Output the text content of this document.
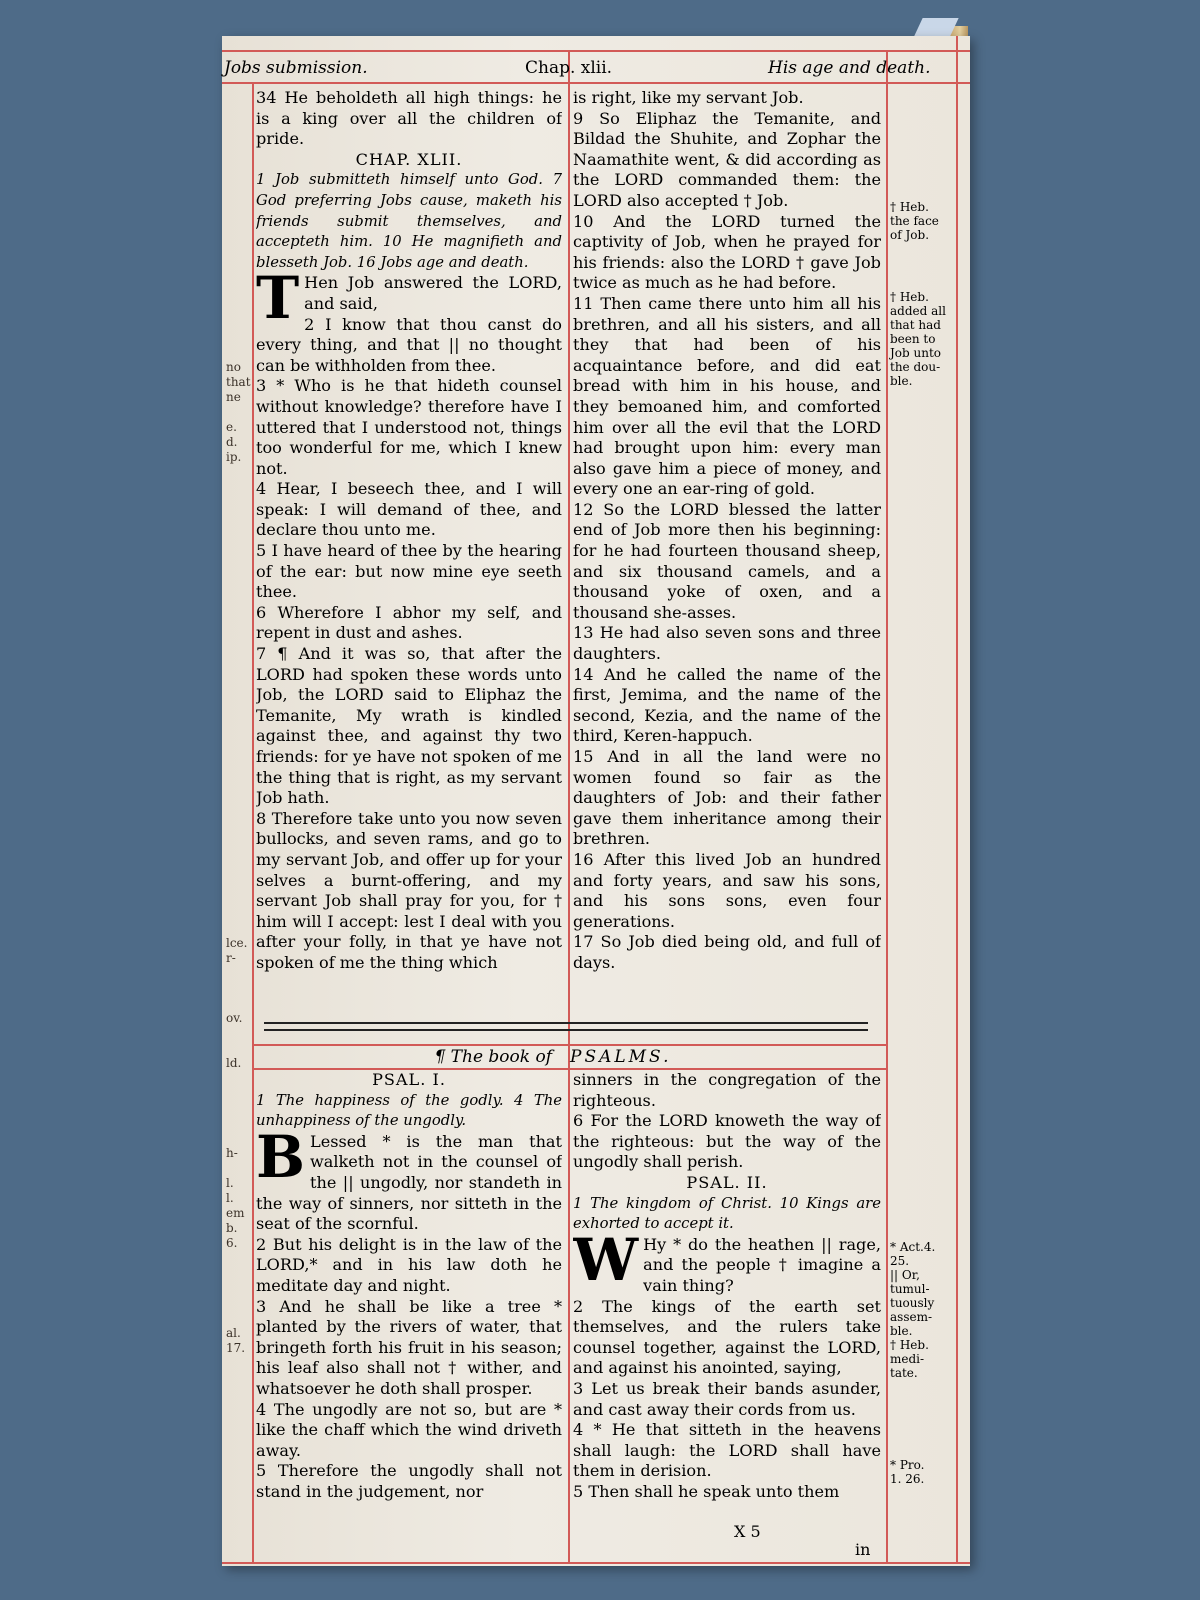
Jobs submission.	Chap. xlii.	His age and death.
34 He beholdeth all high things: he is a king over all the children of pride.
CHAP. XLII.
1 Job submitteth himself unto God. 7 God preferring Jobs cause, maketh his friends submit themselves, and accepteth him. 10 He magnifieth and blesseth Job. 16 Jobs age and death.
T Hen Job answered the LORD, and said,
2 I know that thou canst do every thing, and that || no thought can be withholden from thee.
3 * Who is he that hideth counsel without knowledge? therefore have I uttered that I understood not, things too wonderful for me, which I knew not.
4 Hear, I beseech thee, and I will speak: I will demand of thee, and declare thou unto me.
5 I have heard of thee by the hearing of the ear: but now mine eye seeth thee.
6 Wherefore I abhor my self, and repent in dust and ashes.
7 ¶ And it was so, that after the LORD had spoken these words unto Job, the LORD said to Eliphaz the Temanite, My wrath is kindled against thee, and against thy two friends: for ye have not spoken of me the thing that is right, as my servant Job hath.
8 Therefore take unto you now seven bullocks, and seven rams, and go to my servant Job, and offer up for your selves a burnt-offering, and my servant Job shall pray for you, for † him will I accept: lest I deal with you after your folly, in that ye have not spoken of me the thing which
is right, like my servant Job.
9 So Eliphaz the Temanite, and Bildad the Shuhite, and Zophar the Naamathite went, & did according as the LORD commanded them: the LORD also accepted † Job.
10 And the LORD turned the captivity of Job, when he prayed for his friends: also the LORD † gave Job twice as much as he had before.
11 Then came there unto him all his brethren, and all his sisters, and all they that had been of his acquaintance before, and did eat bread with him in his house, and they bemoaned him, and comforted him over all the evil that the LORD had brought upon him: every man also gave him a piece of money, and every one an ear-ring of gold.
12 So the LORD blessed the latter end of Job more then his beginning: for he had fourteen thousand sheep, and six thousand camels, and a thousand yoke of oxen, and a thousand she-asses.
13 He had also seven sons and three daughters.
14 And he called the name of the first, Jemima, and the name of the second, Kezia, and the name of the third, Keren-happuch.
15 And in all the land were no women found so fair as the daughters of Job: and their father gave them inheritance among their brethren.
16 After this lived Job an hundred and forty years, and saw his sons, and his sons sons, even four generations.
17 So Job died being old, and full of days.
† Heb.
the face
of Job.
† Heb.
added all
that had
been to
Job unto
the dou-
ble.
no
that
ne

e.
d.
ip.
lce.
r-

ov.

ld.

h-

l.
l.
em
b.
6.

al.
17.
¶ The book of PSALMS.
PSAL. I.
1 The happiness of the godly. 4 The unhappiness of the ungodly.
B Lessed * is the man that walketh not in the counsel of the || ungodly, nor standeth in the way of sinners, nor sitteth in the seat of the scornful.
2 But his delight is in the law of the LORD,* and in his law doth he meditate day and night.
3 And he shall be like a tree * planted by the rivers of water, that bringeth forth his fruit in his season; his leaf also shall not † wither, and whatsoever he doth shall prosper.
4 The ungodly are not so, but are * like the chaff which the wind driveth away.
5 Therefore the ungodly shall not stand in the judgement, nor
sinners in the congregation of the righteous.
6 For the LORD knoweth the way of the righteous: but the way of the ungodly shall perish.
PSAL. II.
1 The kingdom of Christ. 10 Kings are exhorted to accept it.
W Hy * do the heathen || rage, and the people † imagine a vain thing?
2 The kings of the earth set themselves, and the rulers take counsel together, against the LORD, and against his anointed, saying,
3 Let us break their bands asunder, and cast away their cords from us.
4 * He that sitteth in the heavens shall laugh: the LORD shall have them in derision.
5 Then shall he speak unto them
* Act.4.
25.
|| Or,
tumul-
tuously
assem-
ble.
† Heb.
medi-
tate.
* Pro.
1. 26.
X 5
in
